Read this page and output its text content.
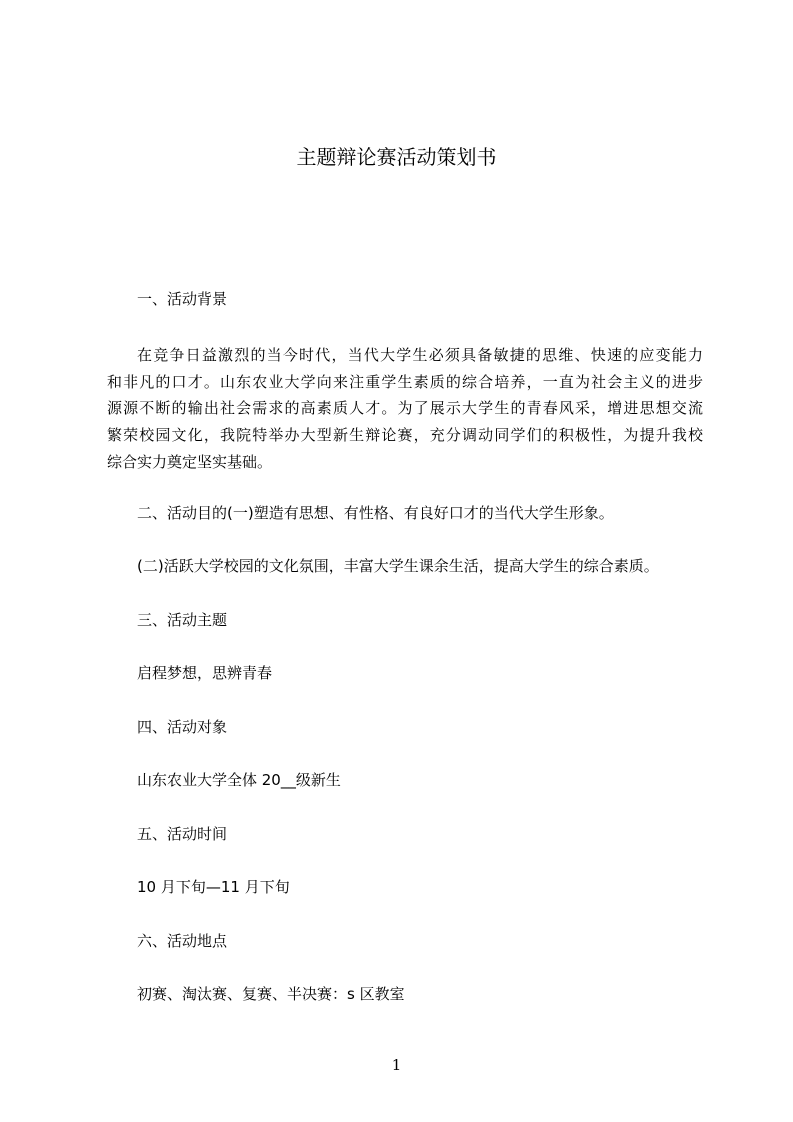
主题辩论赛活动策划书
一、活动背景
在竞争日益激烈的当今时代，当代大学生必须具备敏捷的思维、快速的应变能力
和非凡的口才。山东农业大学向来注重学生素质的综合培养，一直为社会主义的进步
源源不断的输出社会需求的高素质人才。为了展示大学生的青春风采，增进思想交流
繁荣校园文化，我院特举办大型新生辩论赛，充分调动同学们的积极性，为提升我校
综合实力奠定坚实基础。
二、活动目的(一)塑造有思想、有性格、有良好口才的当代大学生形象。
(二)活跃大学校园的文化氛围，丰富大学生课余生活，提高大学生的综合素质。
三、活动主题
启程梦想，思辨青春
四、活动对象
山东农业大学全体 20__级新生
五、活动时间
10 月下旬—11 月下旬
六、活动地点
初赛、淘汰赛、复赛、半决赛：s 区教室
1
